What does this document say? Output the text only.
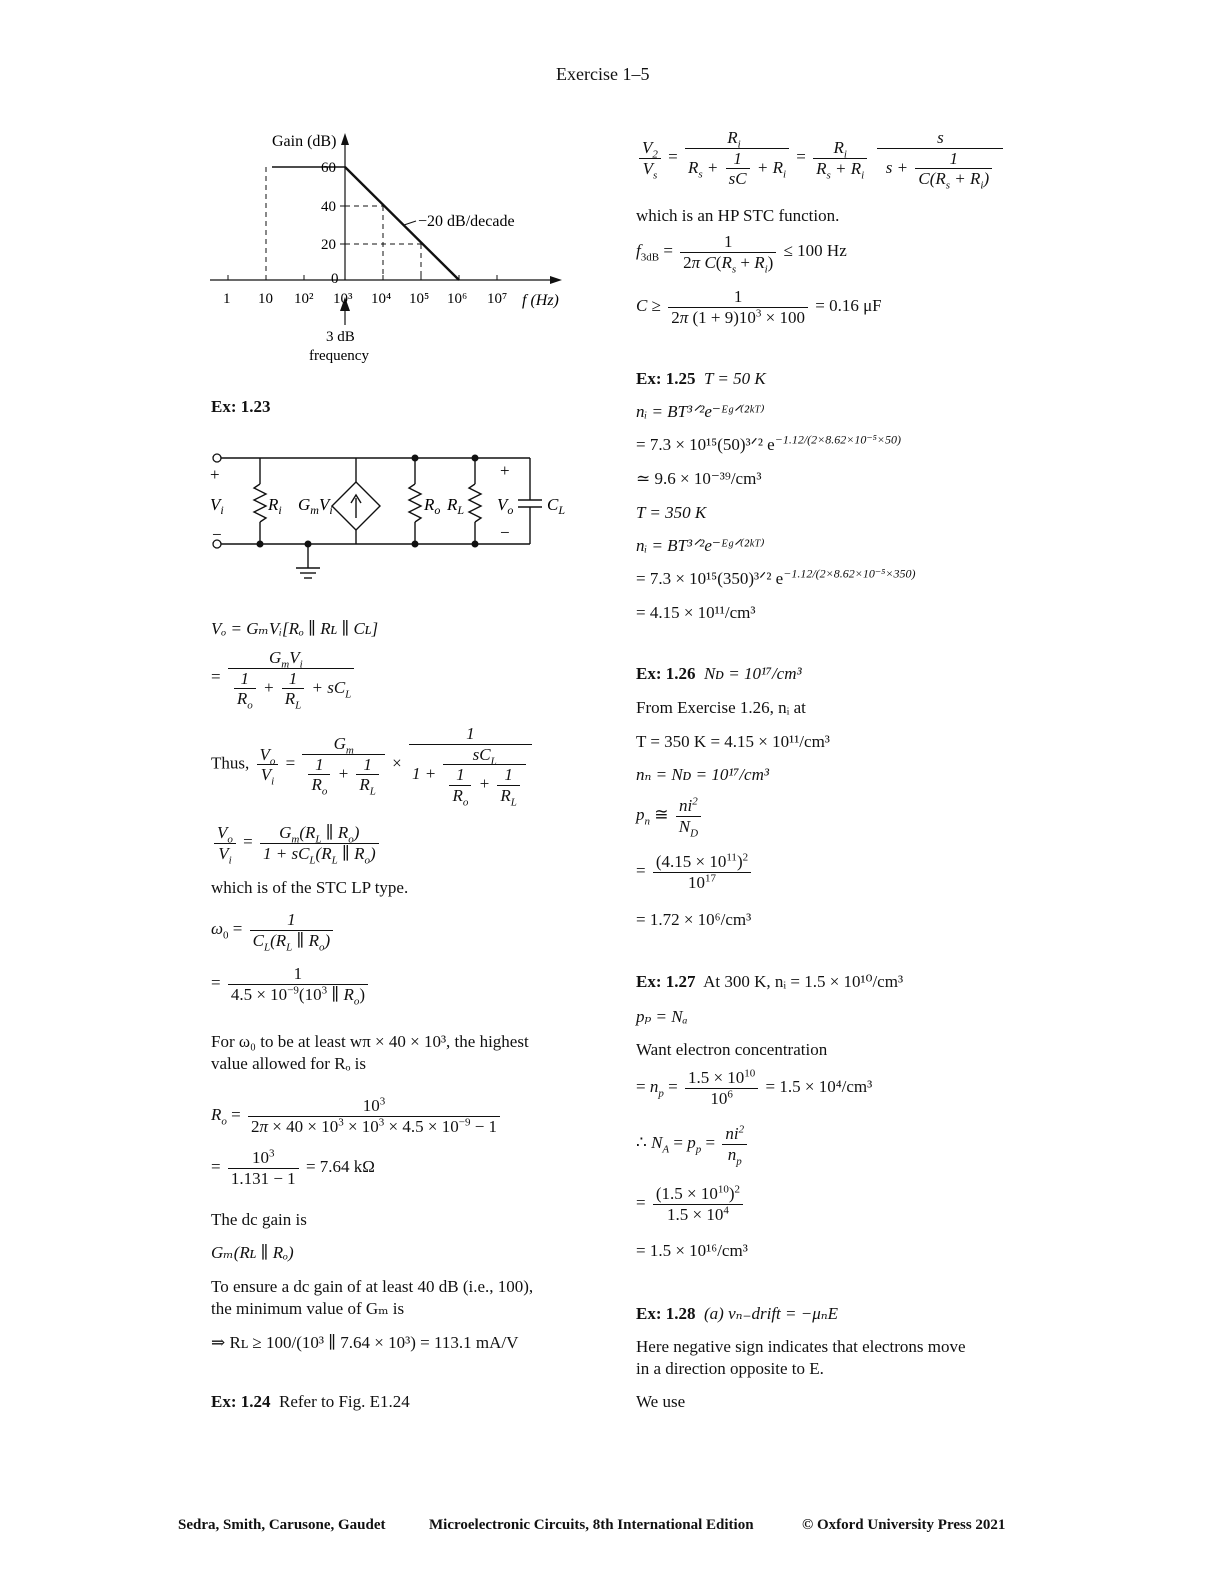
Exercise 1–5
Gain (dB)
60
40
20
0
1 10 10² 10³ 10⁴ 10⁵ 10⁶ 10⁷ f (Hz)
−20 dB/decade
3 dB
frequency
Ex: 1.23
+
−
$V_i$	$R_i$ $G_mV_i$	$R_o$ $R_L$
+
−
$V_o$ $C_L$
Vₒ = GₘVᵢ[Rₒ ∥ Rʟ ∥ Cʟ]
= $\frac{G_mV_i}{\frac{1}{R_o} + \frac{1}{R_L} + sC_L}$
Thus, $\frac{V_o}{V_i} = \frac{G_m}{\frac{1}{R_o} + \frac{1}{R_L}} \times \frac{1}{1 + \frac{sC_L}{\frac{1}{R_o} + \frac{1}{R_L}}}$
$\frac{V_o}{V_i} = \frac{G_m(R_L \parallel R_o)}{1 + sC_L(R_L \parallel R_o)}$
which is of the STC LP type.
$\omega_0 = \frac{1}{C_L(R_L \parallel R_o)}$
= $\frac{1}{4.5 \times 10^{-9}(10^3 \parallel R_o)}$
For ω₀ to be at least wπ × 40 × 10³, the highest
value allowed for Rₒ is
$R_o = \frac{10^3}{2\pi \times 40 \times 10^3 \times 10^3 \times 4.5 \times 10^{-9} - 1}$
= $\frac{10^3}{1.131 - 1} = 7.64$ kΩ
The dc gain is
Gₘ(Rʟ ∥ Rₒ)
To ensure a dc gain of at least 40 dB (i.e., 100),
the minimum value of Gₘ is
⇒ Rʟ ≥ 100/(10³ ∥ 7.64 × 10³) = 113.1 mA/V
Ex: 1.24 Refer to Fig. E1.24
$\frac{V_2}{V_s} = \frac{R_i}{R_s + \frac{1}{sC} + R_i} = \frac{R_i}{R_s + R_i}$
$\frac{s}{s + \frac{1}{C(R_s + R_i)}}$
which is an HP STC function.
$f_{3dB} = \frac{1}{2\pi C(R_s + R_i)} \le 100$ Hz
$C \ge \frac{1}{2\pi (1 + 9)10^3 \times 100} = 0.16$ μF
Ex: 1.25 T = 50 K
nᵢ = BT³ᐟ²e⁻ᴱᵍᐟ⁽²ᵏᵀ⁾
= 7.3 × 10¹⁵(50)³ᐟ² $e^{-1.12/(2\times 8.62\times 10^{-5}\times 50)}$
≃ 9.6 × 10⁻³⁹/cm³
T = 350 K
nᵢ = BT³ᐟ²e⁻ᴱᵍᐟ⁽²ᵏᵀ⁾
= 7.3 × 10¹⁵(350)³ᐟ² $e^{-1.12/(2\times 8.62\times 10^{-5}\times 350)}$
= 4.15 × 10¹¹/cm³
Ex: 1.26 Nᴅ = 10¹⁷/cm³
From Exercise 1.26, nᵢ at
T = 350 K = 4.15 × 10¹¹/cm³
nₙ = Nᴅ = 10¹⁷/cm³
$p_n$ ≅ $\frac{ni^2}{N_D}$
= $\frac{(4.15 \times 10^{11})^2}{10^{17}}$
= 1.72 × 10⁶/cm³
Ex: 1.27 At 300 K, nᵢ = 1.5 × 10¹⁰/cm³
pₚ = Nₐ
Want electron concentration
= $n_p = \frac{1.5 \times 10^{10}}{10^6} = 1.5 \times 10^4/cm^3$
∴ $N_A = p_p = \frac{ni^2}{n_p}$
= $\frac{(1.5 \times 10^{10})^2}{1.5 \times 10^4}$
= 1.5 × 10¹⁶/cm³
Ex: 1.28 (a) vₙ₋drift = −μₙE
Here negative sign indicates that electrons move
in a direction opposite to E.
We use
Sedra, Smith, Carusone, Gaudet	Microelectronic Circuits, 8th International Edition	© Oxford University Press 2021
